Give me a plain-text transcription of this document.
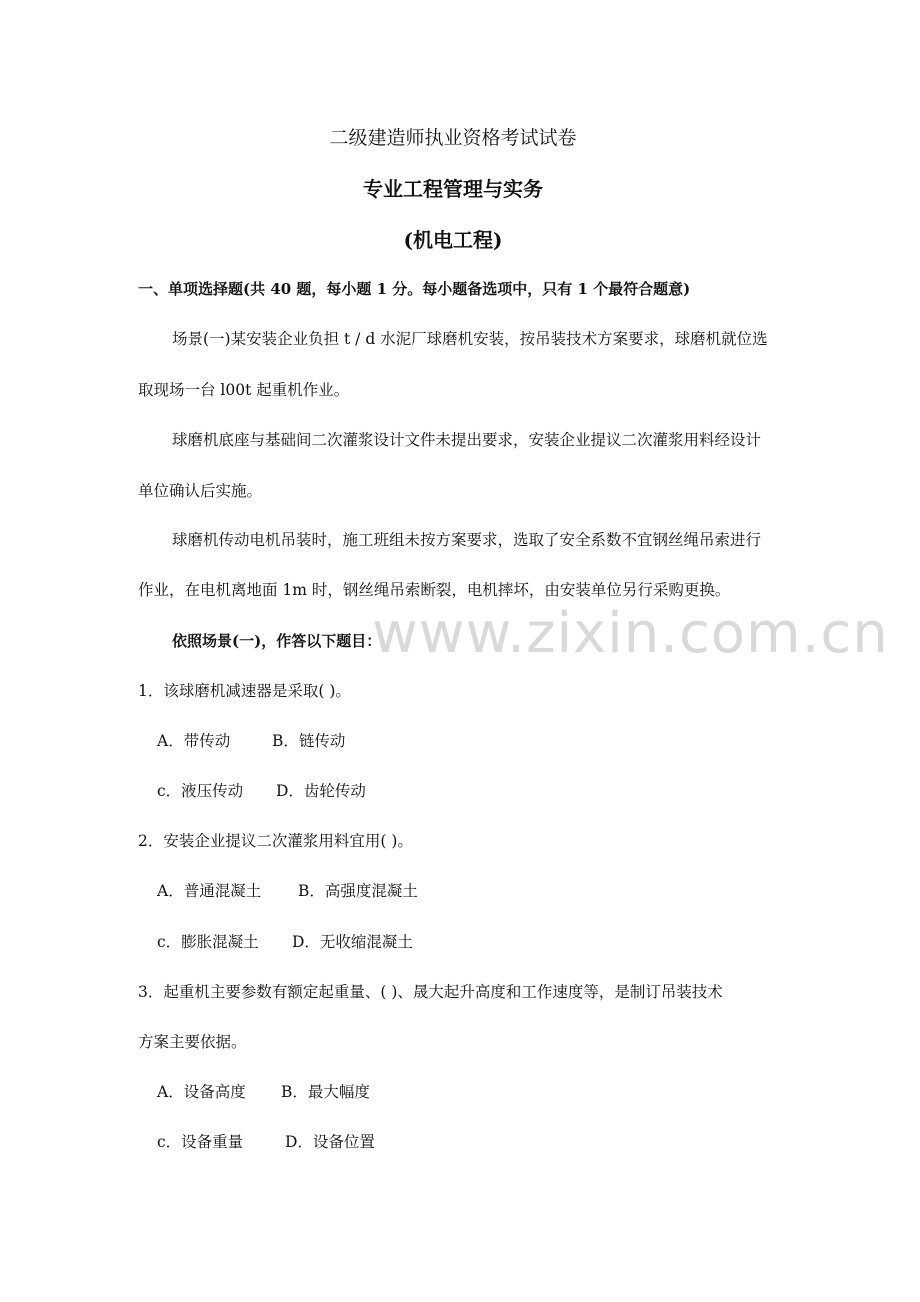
二级建造师执业资格考试试卷
专业工程管理与实务
(机电工程)
一、单项选择题(共 40 题，每小题 1 分。每小题备选项中，只有 1 个最符合题意)
场景(一)某安装企业负担 t / d 水泥厂球磨机安装，按吊装技术方案要求，球磨机就位选
取现场一台 l00t 起重机作业。
球磨机底座与基础间二次灌浆设计文件未提出要求，安装企业提议二次灌浆用料经设计
单位确认后实施。
球磨机传动电机吊装时，施工班组未按方案要求，选取了安全系数不宜钢丝绳吊索进行
作业，在电机离地面 1m 时，钢丝绳吊索断裂，电机摔坏，由安装单位另行采购更换。
依照场景(一)，作答以下题目：
1．该球磨机减速器是采取( )。
A．带传动	B．链传动
c．液压传动 D．齿轮传动
2．安装企业提议二次灌浆用料宜用( )。
A．普通混凝土 B．高强度混凝土
c．膨胀混凝土 D．无收缩混凝土
3．起重机主要参数有额定起重量、( )、晟大起升高度和工作速度等，是制订吊装技术
方案主要依据。
A．设备高度 B．最大幅度
c．设备重量	D．设备位置
www.zixin.com.cn
